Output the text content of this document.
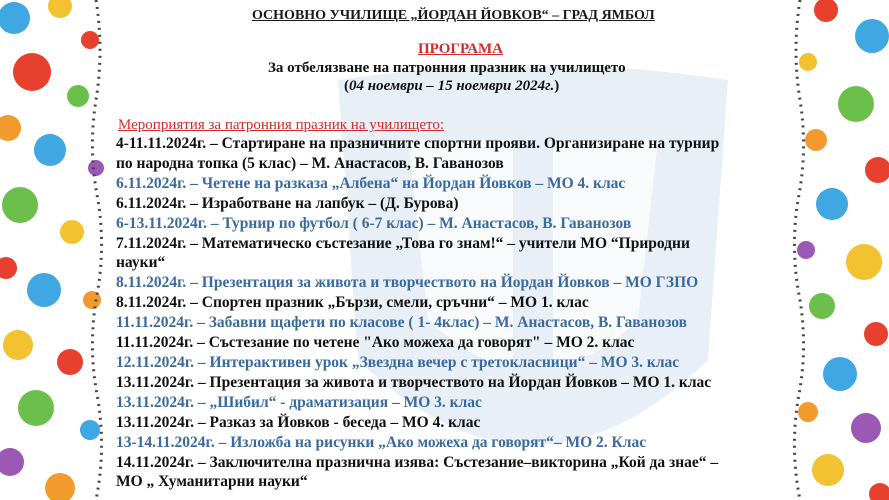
ОСНОВНО УЧИЛИЩЕ „ЙОРДАН ЙОВКОВ“ – ГРАД ЯМБОЛ

ПРОГРАМА

За отбелязване на патронния празник на училището

(04 ноември – 15 ноември 2024г.)

Мероприятия за патронния празник на училището:

4-11.11.2024г. – Стартиране на празничните спортни прояви. Организиране на турнир
по народна топка (5 клас) – М. Анастасов, В. Гаванозов
6.11.2024г. – Четене на разказа „Албена“ на Йордан Йовков – МО 4. клас
6.11.2024г. – Изработване на лапбук – (Д. Бурова)
6-13.11.2024г. – Турнир по футбол ( 6-7 клас) – М. Анастасов, В. Гаванозов
7.11.2024г. – Математическо състезание „Това го знам!“ – учители МО “Природни
науки“
8.11.2024г. – Презентация за живота и творчеството на Йордан Йовков – МО ГЗПО
8.11.2024г. – Спортен празник „Бързи, смели, сръчни“ – МО 1. клас
11.11.2024г. – Забавни щафети по класове ( 1- 4клас) – М. Анастасов, В. Гаванозов
11.11.2024г. – Състезание по четене "Ако можеха да говорят" – МО 2. клас
12.11.2024г. – Интерактивен урок „Звездна вечер с третокласници“ – МО 3. клас
13.11.2024г. – Презентация за живота и творчеството на Йордан Йовков – МО 1. клас
13.11.2024г. – „Шибил“ - драматизация – МО 3. клас
13.11.2024г. – Разказ за Йовков - беседа – МО 4. клас
13-14.11.2024г. – Изложба на рисунки „Ако можеха да говорят“– МО 2. Клас
14.11.2024г. – Заключителна празнична изява: Състезание–викторина „Кой да знае“ –
МО „ Хуманитарни науки“
